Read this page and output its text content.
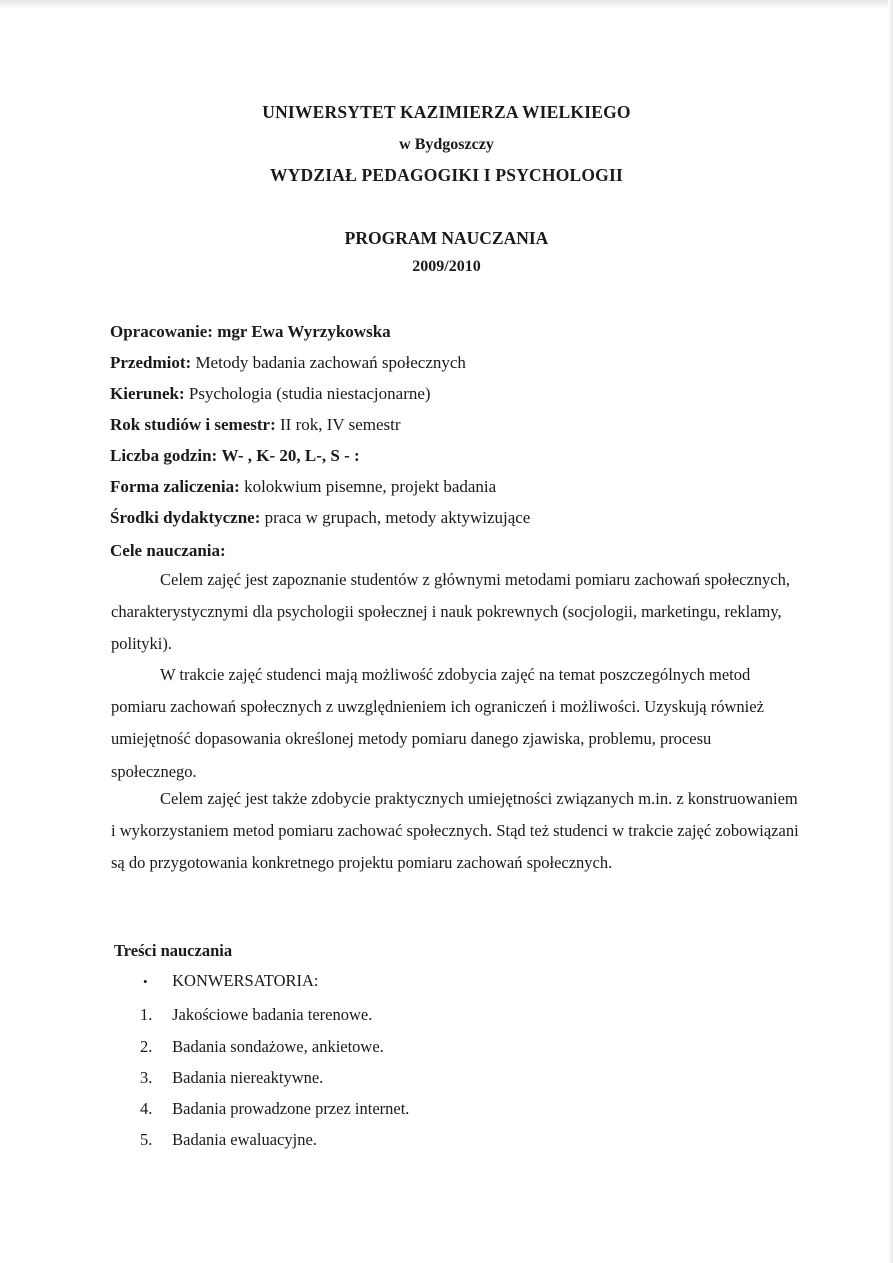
UNIWERSYTET KAZIMIERZA WIELKIEGO
w Bydgoszczy
WYDZIAŁ PEDAGOGIKI I PSYCHOLOGII
PROGRAM NAUCZANIA
2009/2010
Opracowanie: mgr Ewa Wyrzykowska
Przedmiot: Metody badania zachowań społecznych
Kierunek: Psychologia (studia niestacjonarne)
Rok studiów i semestr: II rok, IV semestr
Liczba godzin: W- , K- 20, L-, S - :
Forma zaliczenia: kolokwium pisemne, projekt badania
Środki dydaktyczne: praca w grupach, metody aktywizujące
Cele nauczania:

Celem zajęć jest zapoznanie studentów z głównymi metodami pomiaru zachowań społecznych, charakterystycznymi dla psychologii społecznej i nauk pokrewnych (socjologii, marketingu, reklamy, polityki).

W trakcie zajęć studenci mają możliwość zdobycia zajęć na temat poszczególnych metod pomiaru zachowań społecznych z uwzględnieniem ich ograniczeń i możliwości. Uzyskują również umiejętność dopasowania określonej metody pomiaru danego zjawiska, problemu, procesu społecznego.

Celem zajęć jest także zdobycie praktycznych umiejętności związanych m.in. z konstruowaniem i wykorzystaniem metod pomiaru zachować społecznych. Stąd też studenci w trakcie zajęć zobowiązani są do przygotowania konkretnego projektu pomiaru zachowań społecznych.

Treści nauczania
• KONWERSATORIA:
1. Jakościowe badania terenowe.
2. Badania sondażowe, ankietowe.
3. Badania niereaktywne.
4. Badania prowadzone przez internet.
5. Badania ewaluacyjne.
